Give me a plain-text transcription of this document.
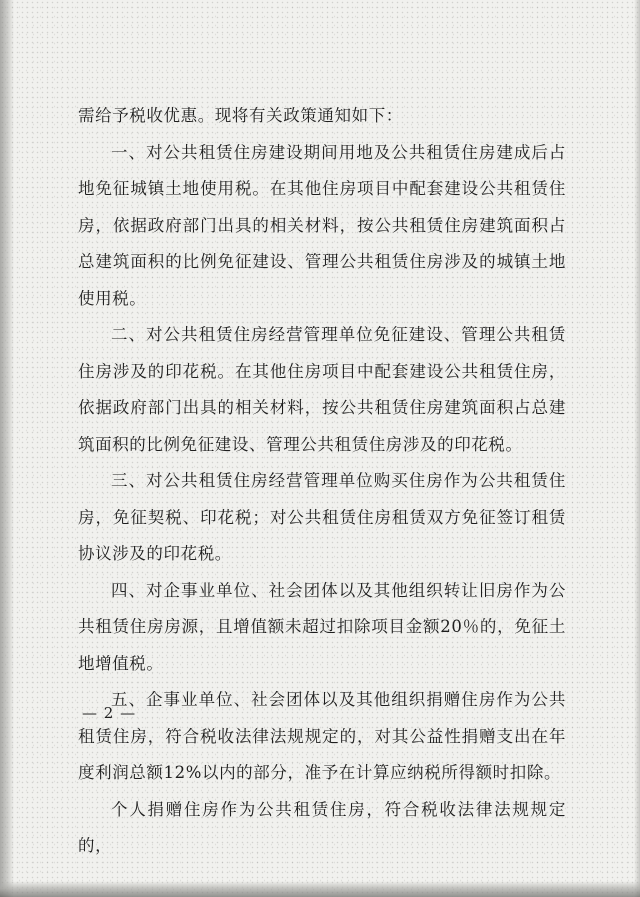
需给予税收优惠。现将有关政策通知如下：

一、对公共租赁住房建设期间用地及公共租赁住房建成后占地免征城镇土地使用税。在其他住房项目中配套建设公共租赁住房，依据政府部门出具的相关材料，按公共租赁住房建筑面积占总建筑面积的比例免征建设、管理公共租赁住房涉及的城镇土地使用税。

二、对公共租赁住房经营管理单位免征建设、管理公共租赁住房涉及的印花税。在其他住房项目中配套建设公共租赁住房，依据政府部门出具的相关材料，按公共租赁住房建筑面积占总建筑面积的比例免征建设、管理公共租赁住房涉及的印花税。

三、对公共租赁住房经营管理单位购买住房作为公共租赁住房，免征契税、印花税；对公共租赁住房租赁双方免征签订租赁协议涉及的印花税。

四、对企事业单位、社会团体以及其他组织转让旧房作为公共租赁住房房源，且增值额未超过扣除项目金额20％的，免征土地增值税。

五、企事业单位、社会团体以及其他组织捐赠住房作为公共租赁住房，符合税收法律法规规定的，对其公益性捐赠支出在年度利润总额12%以内的部分，准予在计算应纳税所得额时扣除。

个人捐赠住房作为公共租赁住房，符合税收法律法规规定的，

— 2 —
